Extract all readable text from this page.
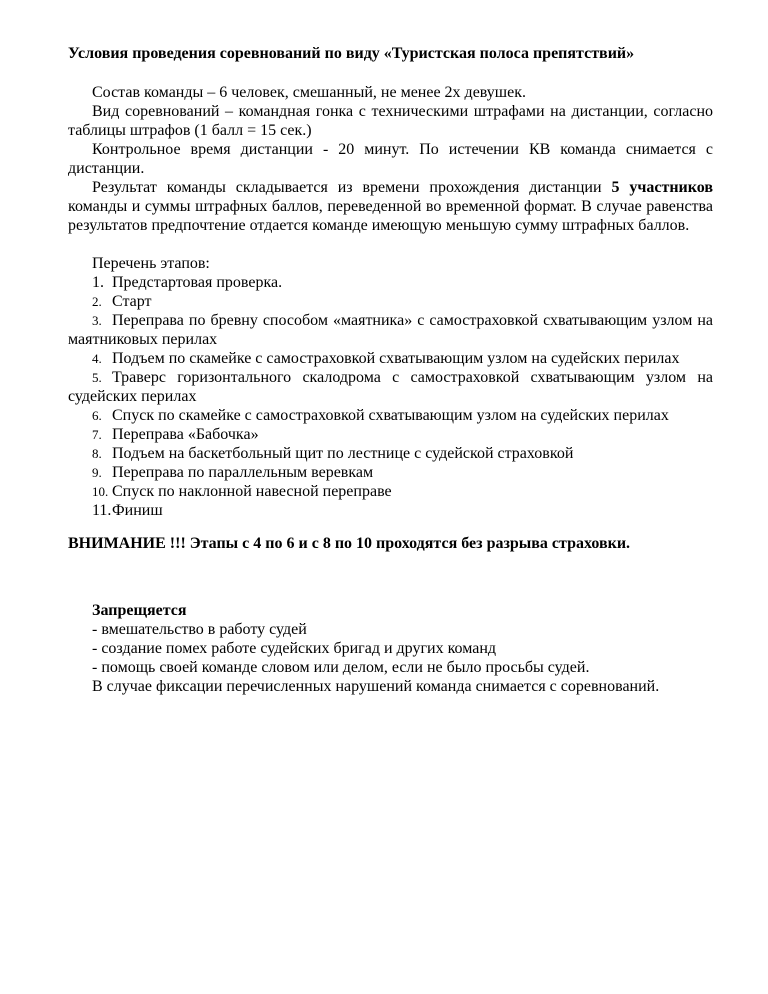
Условия проведения соревнований по виду «Туристская полоса препятствий»

Состав команды – 6 человек, смешанный, не менее 2х девушек.

Вид соревнований – командная гонка с техническими штрафами на дистанции, согласно таблицы штрафов (1 балл = 15 сек.)

Контрольное время дистанции - 20 минут. По истечении КВ команда снимается с дистанции.

Результат команды складывается из времени прохождения дистанции 5 участников команды и суммы штрафных баллов, переведенной во временной формат. В случае равенства результатов предпочтение отдается команде имеющую меньшую сумму штрафных баллов.

Перечень этапов:

1. Предстартовая проверка.

2. Старт

3. Переправа по бревну способом «маятника» с самостраховкой схватывающим узлом на маятниковых перилах

4. Подъем по скамейке с самостраховкой схватывающим узлом на судейских перилах

5. Траверс горизонтального скалодрома с самостраховкой схватывающим узлом на судейских перилах

6. Спуск по скамейке с самостраховкой схватывающим узлом на судейских перилах

7. Переправа «Бабочка»

8. Подъем на баскетбольный щит по лестнице с судейской страховкой

9. Переправа по параллельным веревкам

10. Спуск по наклонной навесной переправе

11.Финиш

ВНИМАНИЕ !!! Этапы с 4 по 6 и с 8 по 10 проходятся без разрыва страховки.

Запрещяется

- вмешательство в работу судей

- создание помех работе судейских бригад и других команд

- помощь своей команде словом или делом, если не было просьбы судей.

В случае фиксации перечисленных нарушений команда снимается с соревнований.
